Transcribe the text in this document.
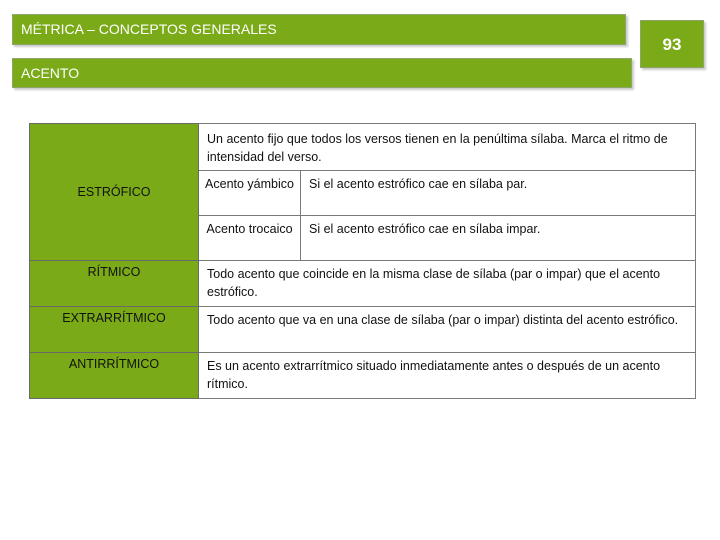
MÉTRICA – CONCEPTOS GENERALES
93
ACENTO
ESTRÓFICO	Un acento fijo que todos los versos tienen en la penúltima sílaba. Marca el ritmo de intensidad del verso.	
	Acento yámbico	Si el acento estrófico cae en sílaba par.
	Acento trocaico	Si el acento estrófico cae en sílaba impar.
RÍTMICO	Todo acento que coincide en la misma clase de sílaba (par o impar) que el acento estrófico.	
EXTRARRÍTMICO	Todo acento que va en una clase de sílaba (par o impar) distinta del acento estrófico.	
ANTIRRÍTMICO	Es un acento extrarrítmico situado inmediatamente antes o después de un acento rítmico.	
